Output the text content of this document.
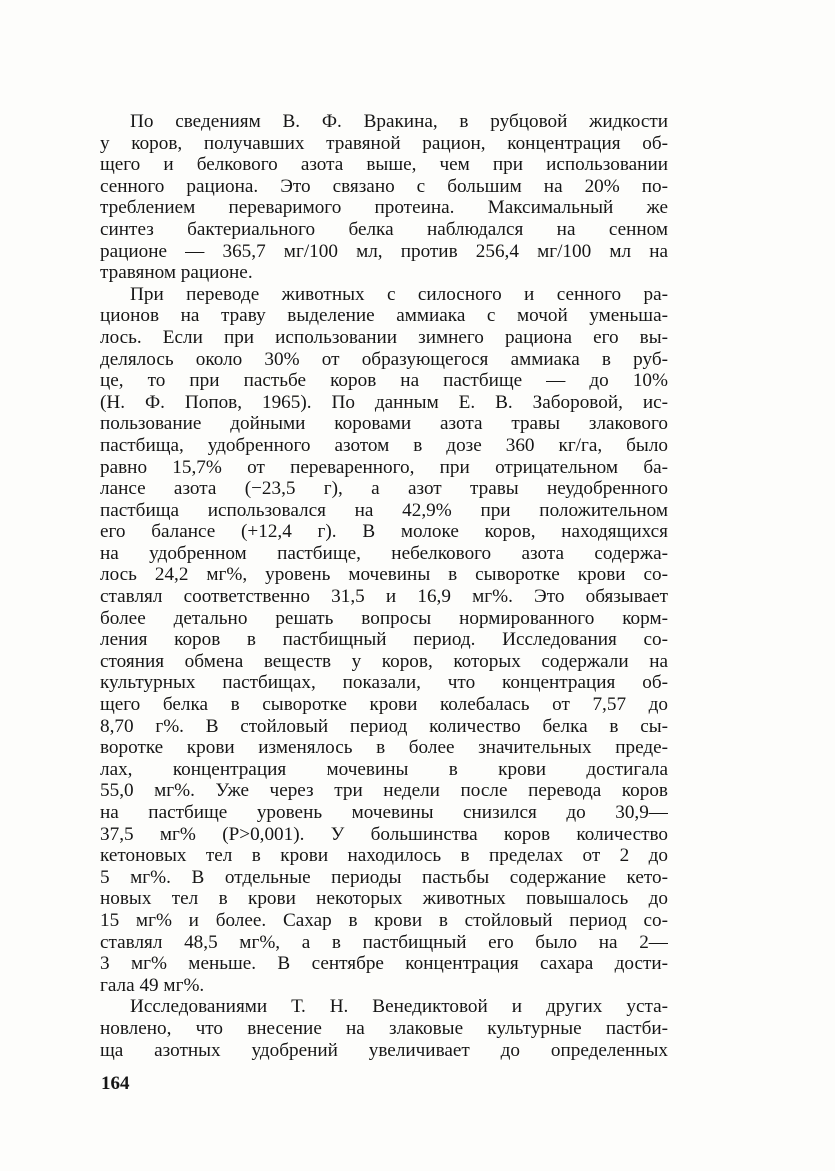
По сведениям В. Ф. Вракина, в рубцовой жидкости
у коров, получавших травяной рацион, концентрация об-
щего и белкового азота выше, чем при использовании
сенного рациона. Это связано с большим на 20% по-
треблением переваримого протеина. Максимальный же
синтез бактериального белка наблюдался на сенном
рационе — 365,7 мг/100 мл, против 256,4 мг/100 мл на
травяном рационе.
При переводе животных с силосного и сенного ра-
ционов на траву выделение аммиака с мочой уменьша-
лось. Если при использовании зимнего рациона его вы-
делялось около 30% от образующегося аммиака в руб-
це, то при пастьбе коров на пастбище — до 10%
(Н. Ф. Попов, 1965). По данным Е. В. Заборовой, ис-
пользование дойными коровами азота травы злакового
пастбища, удобренного азотом в дозе 360 кг/га, было
равно 15,7% от переваренного, при отрицательном ба-
лансе азота (−23,5 г), а азот травы неудобренного
пастбища использовался на 42,9% при положительном
его балансе (+12,4 г). В молоке коров, находящихся
на удобренном пастбище, небелкового азота содержа-
лось 24,2 мг%, уровень мочевины в сыворотке крови со-
ставлял соответственно 31,5 и 16,9 мг%. Это обязывает
более детально решать вопросы нормированного корм-
ления коров в пастбищный период. Исследования со-
стояния обмена веществ у коров, которых содержали на
культурных пастбищах, показали, что концентрация об-
щего белка в сыворотке крови колебалась от 7,57 до
8,70 г%. В стойловый период количество белка в сы-
воротке крови изменялось в более значительных преде-
лах, концентрация мочевины в крови достигала
55,0 мг%. Уже через три недели после перевода коров
на пастбище уровень мочевины снизился до 30,9—
37,5 мг% (Р>0,001). У большинства коров количество
кетоновых тел в крови находилось в пределах от 2 до
5 мг%. В отдельные периоды пастьбы содержание кето-
новых тел в крови некоторых животных повышалось до
15 мг% и более. Сахар в крови в стойловый период со-
ставлял 48,5 мг%, а в пастбищный его было на 2—
3 мг% меньше. В сентябре концентрация сахара дости-
гала 49 мг%.
Исследованиями Т. Н. Венедиктовой и других уста-
новлено, что внесение на злаковые культурные пастби-
ща азотных удобрений увеличивает до определенных
164
